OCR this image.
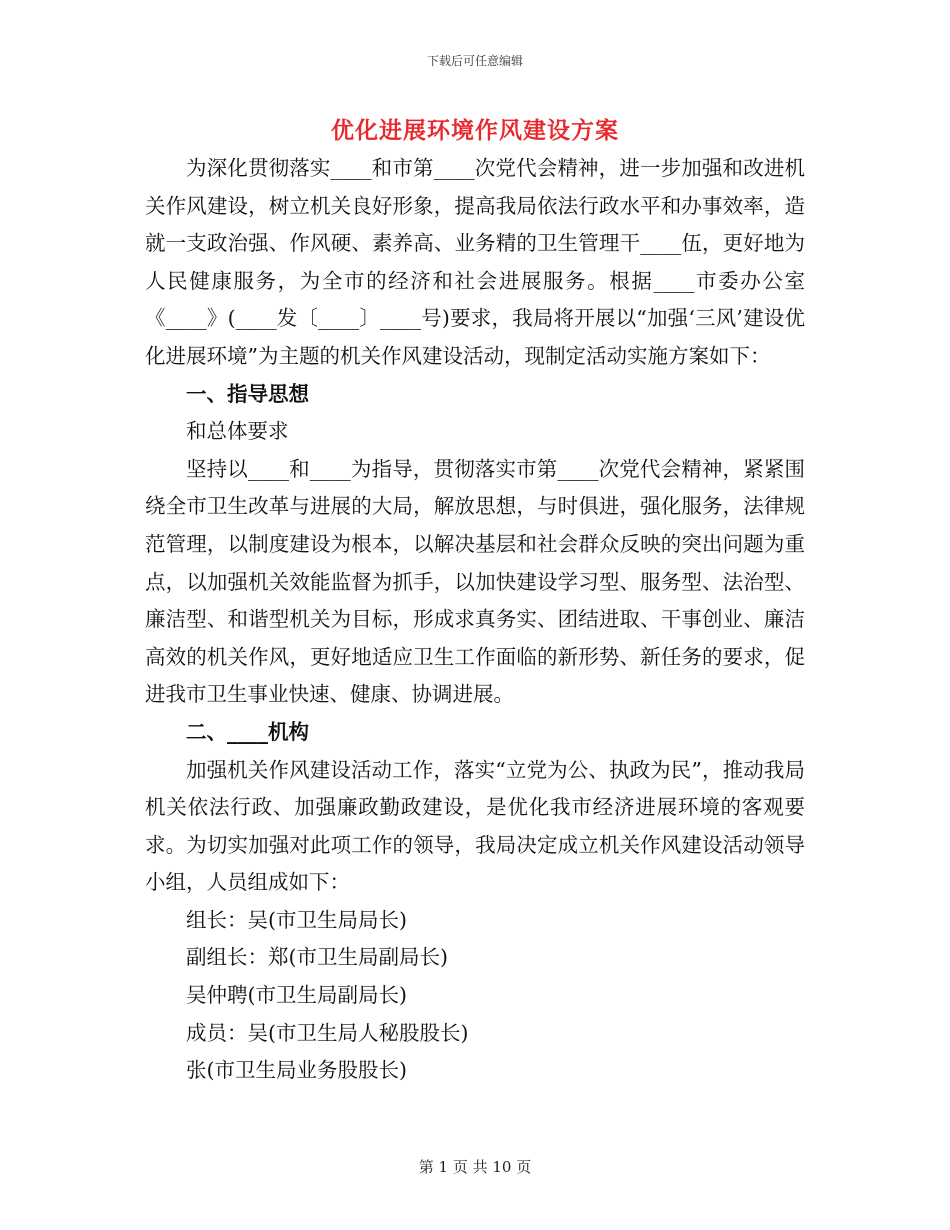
下载后可任意编辑
优化进展环境作风建设方案

为深化贯彻落实____和市第____次党代会精神，进一步加强和改进机关作风建设，树立机关良好形象，提高我局依法行政水平和办事效率，造就一支政治强、作风硬、素养高、业务精的卫生管理干____伍，更好地为人民健康服务，为全市的经济和社会进展服务。根据____市委办公室《____》(____发〔____〕____号)要求，我局将开展以“加强‘三风’建设优化进展环境”为主题的机关作风建设活动，现制定活动实施方案如下：

一、指导思想

和总体要求

坚持以____和____为指导，贯彻落实市第____次党代会精神，紧紧围绕全市卫生改革与进展的大局，解放思想，与时俱进，强化服务，法律规范管理，以制度建设为根本，以解决基层和社会群众反映的突出问题为重点，以加强机关效能监督为抓手，以加快建设学习型、服务型、法治型、廉洁型、和谐型机关为目标，形成求真务实、团结进取、干事创业、廉洁高效的机关作风，更好地适应卫生工作面临的新形势、新任务的要求，促进我市卫生事业快速、健康、协调进展。

二、____机构

加强机关作风建设活动工作，落实“立党为公、执政为民”，推动我局机关依法行政、加强廉政勤政建设，是优化我市经济进展环境的客观要求。为切实加强对此项工作的领导，我局决定成立机关作风建设活动领导小组，人员组成如下：

组长：吴(市卫生局局长)

副组长：郑(市卫生局副局长)

吴仲聘(市卫生局副局长)

成员：吴(市卫生局人秘股股长)

张(市卫生局业务股股长)

第 1 页 共 10 页
